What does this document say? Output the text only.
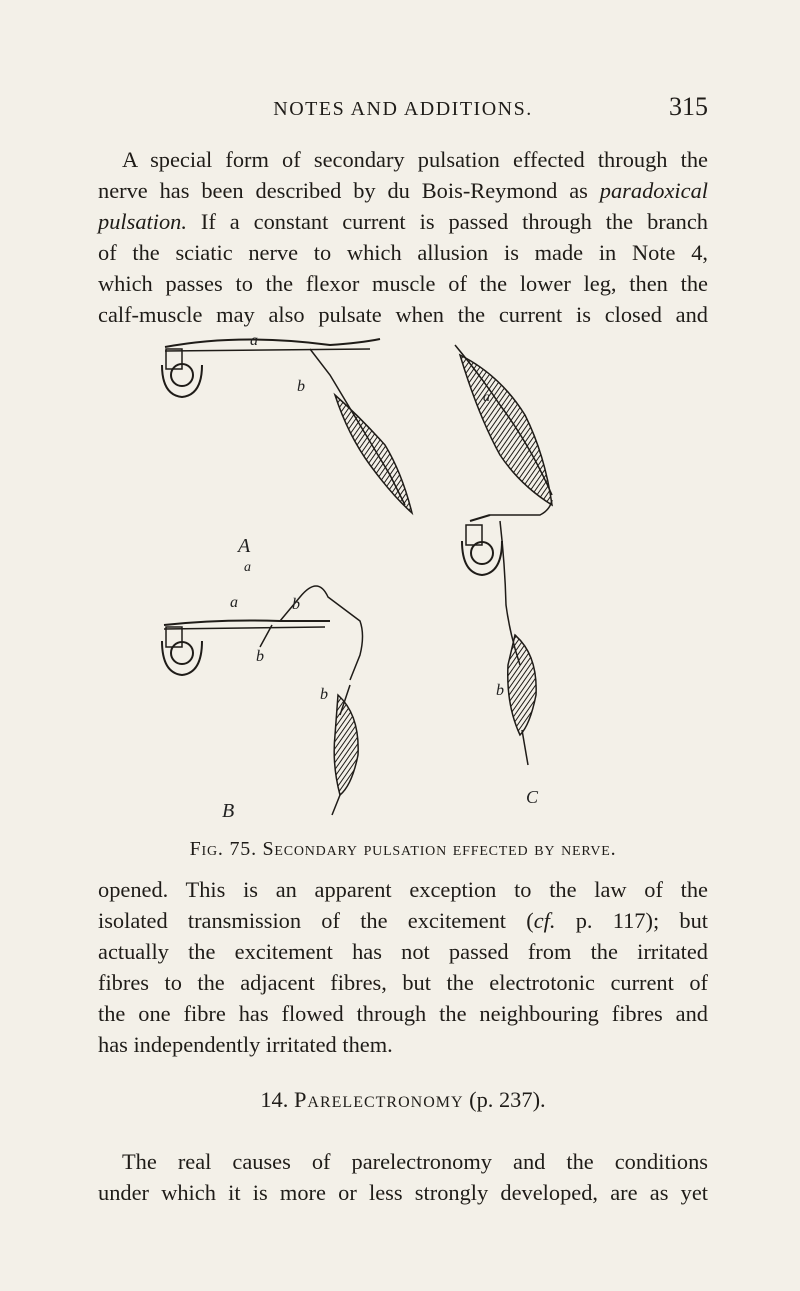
NOTES AND ADDITIONS.	315
A special form of secondary pulsation effected through the
nerve has been described by du Bois-Reymond as paradoxical
pulsation. If a constant current is passed through the branch
of the sciatic nerve to which allusion is made in Note 4,
which passes to the flexor muscle of the lower leg, then the
calf-muscle may also pulsate when the current is closed and
a
b
A
a
a	b
b
b
a
b
C
B
Fig. 75. Secondary pulsation effected by nerve.
opened. This is an apparent exception to the law of the
isolated transmission of the excitement (cf. p. 117); but
actually the excitement has not passed from the irritated
fibres to the adjacent fibres, but the electrotonic current of
the one fibre has flowed through the neighbouring fibres and
has independently irritated them.
14. Parelectronomy (p. 237).
The real causes of parelectronomy and the conditions
under which it is more or less strongly developed, are as yet
